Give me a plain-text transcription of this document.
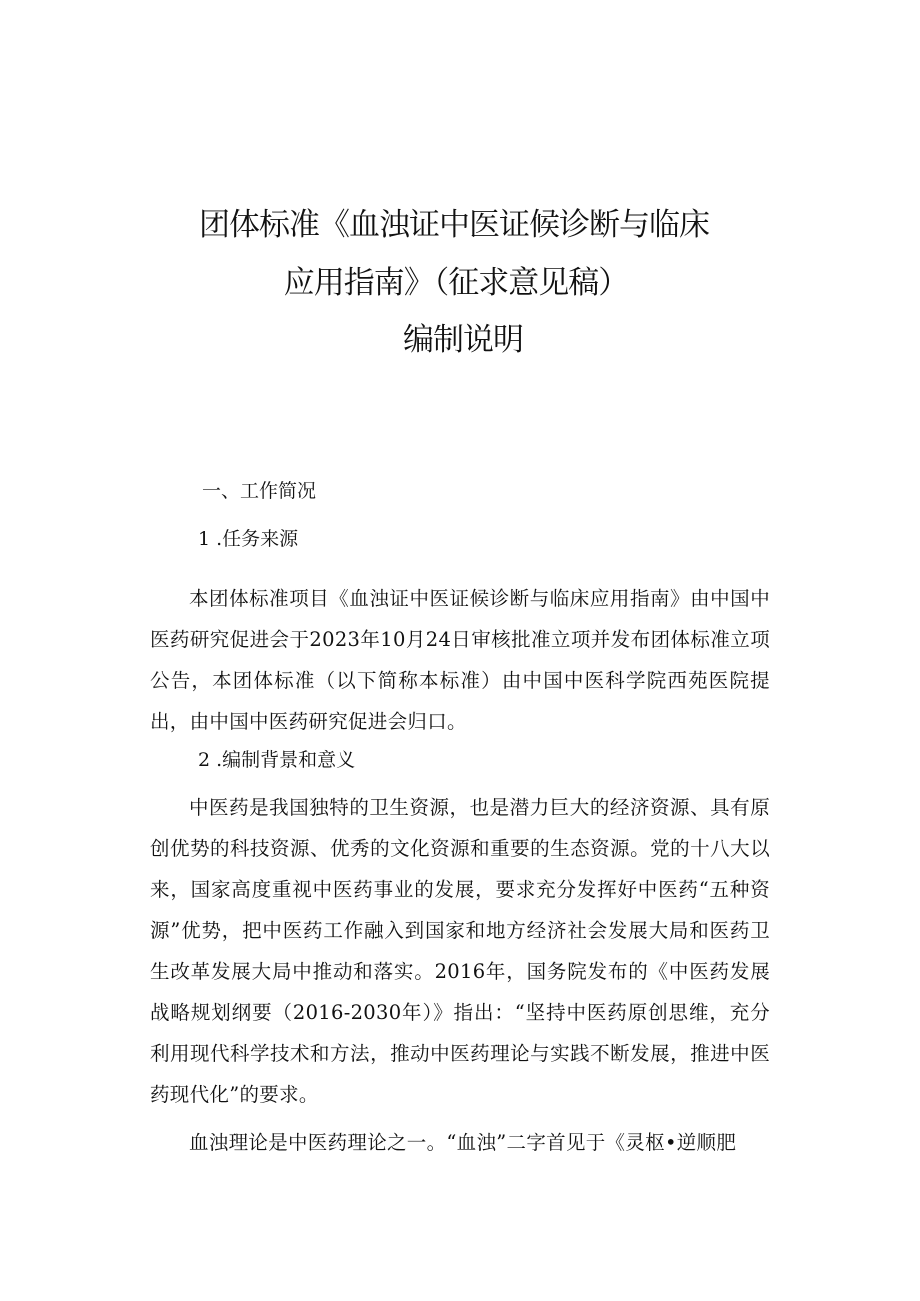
团体标准《血浊证中医证候诊断与临床
应用指南》（征求意见稿）
编制说明
一、工作简况
1 .任务来源
本团体标准项目《血浊证中医证候诊断与临床应用指南》由中国中医药研究促进会于2023年10月24日审核批准立项并发布团体标准立项公告，本团体标准（以下简称本标准）由中国中医科学院西苑医院提出，由中国中医药研究促进会归口。
2 .编制背景和意义
中医药是我国独特的卫生资源，也是潜力巨大的经济资源、具有原创优势的科技资源、优秀的文化资源和重要的生态资源。党的十八大以来，国家高度重视中医药事业的发展，要求充分发挥好中医药“五种资源”优势，把中医药工作融入到国家和地方经济社会发展大局和医药卫生改革发展大局中推动和落实。2016年，国务院发布的《中医药发展战略规划纲要（2016-2030年）》指出：“坚持中医药原创思维，充分利用现代科学技术和方法，推动中医药理论与实践不断发展，推进中医药现代化”的要求。
血浊理论是中医药理论之一。“血浊”二字首见于《灵枢•逆顺肥
